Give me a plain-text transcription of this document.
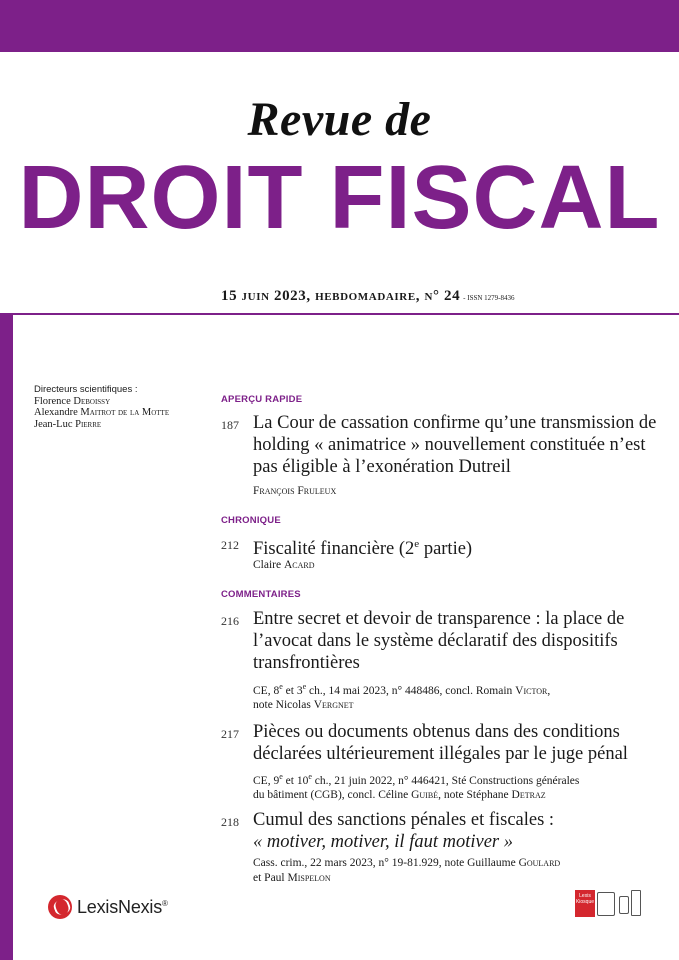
Revue de
DROIT FISCAL
15 juin 2023, hebdomadaire, n° 24 - ISSN 1279-8436
Directeurs scientifiques :
Florence Deboissy
Alexandre Maitrot de la Motte
Jean-Luc Pierre
APERÇU RAPIDE
187 La Cour de cassation confirme qu’une transmission de holding « animatrice » nouvellement constituée n’est pas éligible à l’exonération Dutreil
François Fruleux
CHRONIQUE
212 Fiscalité financière (2e partie)
Claire Acard
COMMENTAIRES
216 Entre secret et devoir de transparence : la place de l’avocat dans le système déclaratif des dispositifs transfrontières
CE, 8e et 3e ch., 14 mai 2023, n° 448486, concl. Romain Victor,
note Nicolas Vergnet
217 Pièces ou documents obtenus dans des conditions déclarées ultérieurement illégales par le juge pénal
CE, 9e et 10e ch., 21 juin 2022, n° 446421, Sté Constructions générales
du bâtiment (CGB), concl. Céline Guibé, note Stéphane Detraz
218 Cumul des sanctions pénales et fiscales :
« motiver, motiver, il faut motiver »
Cass. crim., 22 mars 2023, n° 19-81.929, note Guillaume Goulard
et Paul Mispelon
LexisNexis®
Lexis
Kiosque
